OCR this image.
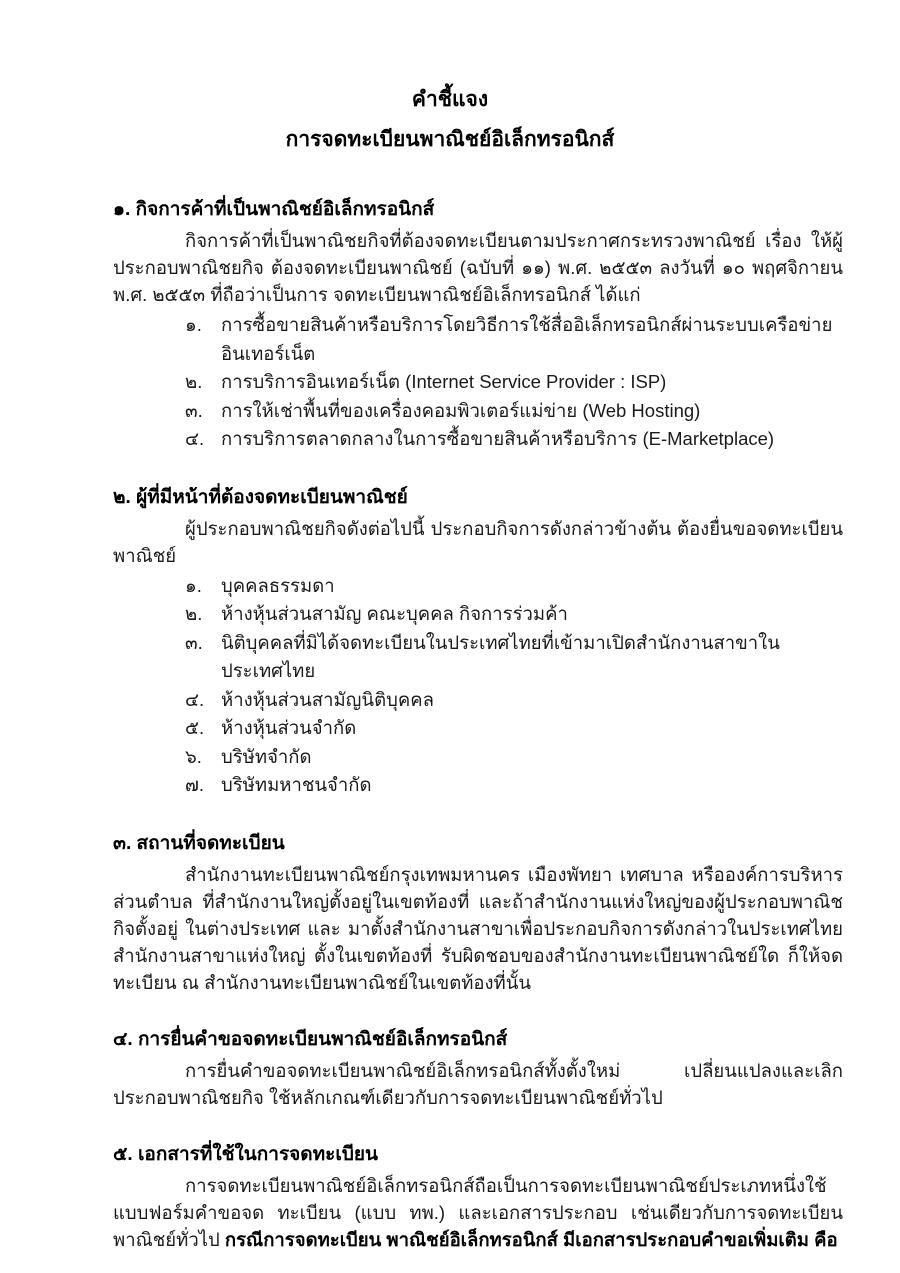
คำชี้แจง
การจดทะเบียนพาณิชย์อิเล็กทรอนิกส์
๑. กิจการค้าที่เป็นพาณิชย์อิเล็กทรอนิกส์

กิจการค้าที่เป็นพาณิชยกิจที่ต้องจดทะเบียนตามประกาศกระทรวงพาณิชย์ เรื่อง ให้ผู้ประกอบพาณิชยกิจ ต้องจดทะเบียนพาณิชย์ (ฉบับที่ ๑๑) พ.ศ. ๒๕๕๓ ลงวันที่ ๑๐ พฤศจิกายน พ.ศ. ๒๕๕๓ ที่ถือว่าเป็นการ จดทะเบียนพาณิชย์อิเล็กทรอนิกส์ ได้แก่

๑.	การซื้อขายสินค้าหรือบริการโดยวิธีการใช้สื่ออิเล็กทรอนิกส์ผ่านระบบเครือข่ายอินเทอร์เน็ต
๒.	การบริการอินเทอร์เน็ต (Internet Service Provider : ISP)
๓. การให้เช่าพื้นที่ของเครื่องคอมพิวเตอร์แม่ข่าย (Web Hosting)
๔. การบริการตลาดกลางในการซื้อขายสินค้าหรือบริการ (E-Marketplace)
๒. ผู้ที่มีหน้าที่ต้องจดทะเบียนพาณิชย์

ผู้ประกอบพาณิชยกิจดังต่อไปนี้ ประกอบกิจการดังกล่าวข้างต้น ต้องยื่นขอจดทะเบียนพาณิชย์

๑.	บุคคลธรรมดา
๒.	ห้างหุ้นส่วนสามัญ คณะบุคคล กิจการร่วมค้า
๓. นิติบุคคลที่มิได้จดทะเบียนในประเทศไทยที่เข้ามาเปิดสำนักงานสาขาในประเทศไทย
๔. ห้างหุ้นส่วนสามัญนิติบุคคล
๕. ห้างหุ้นส่วนจำกัด
๖.	บริษัทจำกัด
๗. บริษัทมหาชนจำกัด
๓. สถานที่จดทะเบียน

สำนักงานทะเบียนพาณิชย์กรุงเทพมหานคร เมืองพัทยา เทศบาล หรือองค์การบริหารส่วนตำบล ที่สำนักงานใหญ่ตั้งอยู่ในเขตท้องที่ และถ้าสำนักงานแห่งใหญ่ของผู้ประกอบพาณิชกิจตั้งอยู่ ในต่างประเทศ และ มาตั้งสำนักงานสาขาเพื่อประกอบกิจการดังกล่าวในประเทศไทย สำนักงานสาขาแห่งใหญ่ ตั้งในเขตท้องที่ รับผิดชอบของสำนักงานทะเบียนพาณิชย์ใด ก็ให้จดทะเบียน ณ สำนักงานทะเบียนพาณิชย์ในเขตท้องที่นั้น

๔. การยื่นคำขอจดทะเบียนพาณิชย์อิเล็กทรอนิกส์

การยื่นคำขอจดทะเบียนพาณิชย์อิเล็กทรอนิกส์ทั้งตั้งใหม่ เปลี่ยนแปลงและเลิกประกอบพาณิชยกิจ ใช้หลักเกณฑ์เดียวกับการจดทะเบียนพาณิชย์ทั่วไป

๕. เอกสารที่ใช้ในการจดทะเบียน

การจดทะเบียนพาณิชย์อิเล็กทรอนิกส์ถือเป็นการจดทะเบียนพาณิชย์ประเภทหนึ่งใช้แบบฟอร์มคำขอจด ทะเบียน (แบบ ทพ.) และเอกสารประกอบ เช่นเดียวกับการจดทะเบียนพาณิชย์ทั่วไป กรณีการจดทะเบียน พาณิชย์อิเล็กทรอนิกส์ มีเอกสารประกอบคำขอเพิ่มเติม คือ
